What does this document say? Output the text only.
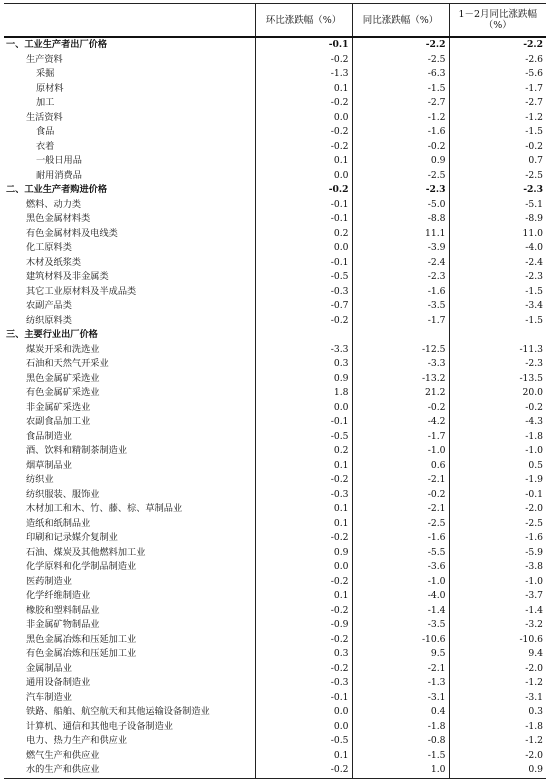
	环比涨跌幅（%）	同比涨跌幅（%）	1－2月同比涨跌幅（%）
一、工业生产者出厂价格	-0.1	-2.2	-2.2
生产资料	-0.2	-2.5	-2.6
采掘	-1.3	-6.3	-5.6
原材料	0.1	-1.5	-1.7
加工	-0.2	-2.7	-2.7
生活资料	0.0	-1.2	-1.2
食品	-0.2	-1.6	-1.5
衣着	-0.2	-0.2	-0.2
一般日用品	0.1	0.9	0.7
耐用消费品	0.0	-2.5	-2.5
二、工业生产者购进价格	-0.2	-2.3	-2.3
燃料、动力类	-0.1	-5.0	-5.1
黑色金属材料类	-0.1	-8.8	-8.9
有色金属材料及电线类	0.2	11.1	11.0
化工原料类	0.0	-3.9	-4.0
木材及纸浆类	-0.1	-2.4	-2.4
建筑材料及非金属类	-0.5	-2.3	-2.3
其它工业原材料及半成品类	-0.3	-1.6	-1.5
农副产品类	-0.7	-3.5	-3.4
纺织原料类	-0.2	-1.7	-1.5
三、主要行业出厂价格			
煤炭开采和洗选业	-3.3	-12.5	-11.3
石油和天然气开采业	0.3	-3.3	-2.3
黑色金属矿采选业	0.9	-13.2	-13.5
有色金属矿采选业	1.8	21.2	20.0
非金属矿采选业	0.0	-0.2	-0.2
农副食品加工业	-0.1	-4.2	-4.3
食品制造业	-0.5	-1.7	-1.8
酒、饮料和精制茶制造业	0.2	-1.0	-1.0
烟草制品业	0.1	0.6	0.5
纺织业	-0.2	-2.1	-1.9
纺织服装、服饰业	-0.3	-0.2	-0.1
木材加工和木、竹、藤、棕、草制品业	0.1	-2.1	-2.0
造纸和纸制品业	0.1	-2.5	-2.5
印刷和记录媒介复制业	-0.2	-1.6	-1.6
石油、煤炭及其他燃料加工业	0.9	-5.5	-5.9
化学原料和化学制品制造业	0.0	-3.6	-3.8
医药制造业	-0.2	-1.0	-1.0
化学纤维制造业	0.1	-4.0	-3.7
橡胶和塑料制品业	-0.2	-1.4	-1.4
非金属矿物制品业	-0.9	-3.5	-3.2
黑色金属冶炼和压延加工业	-0.2	-10.6	-10.6
有色金属冶炼和压延加工业	0.3	9.5	9.4
金属制品业	-0.2	-2.1	-2.0
通用设备制造业	-0.3	-1.3	-1.2
汽车制造业	-0.1	-3.1	-3.1
铁路、船舶、航空航天和其他运输设备制造业	0.0	0.4	0.3
计算机、通信和其他电子设备制造业	0.0	-1.8	-1.8
电力、热力生产和供应业	-0.5	-0.8	-1.2
燃气生产和供应业	0.1	-1.5	-2.0
水的生产和供应业	-0.2	1.0	0.9
